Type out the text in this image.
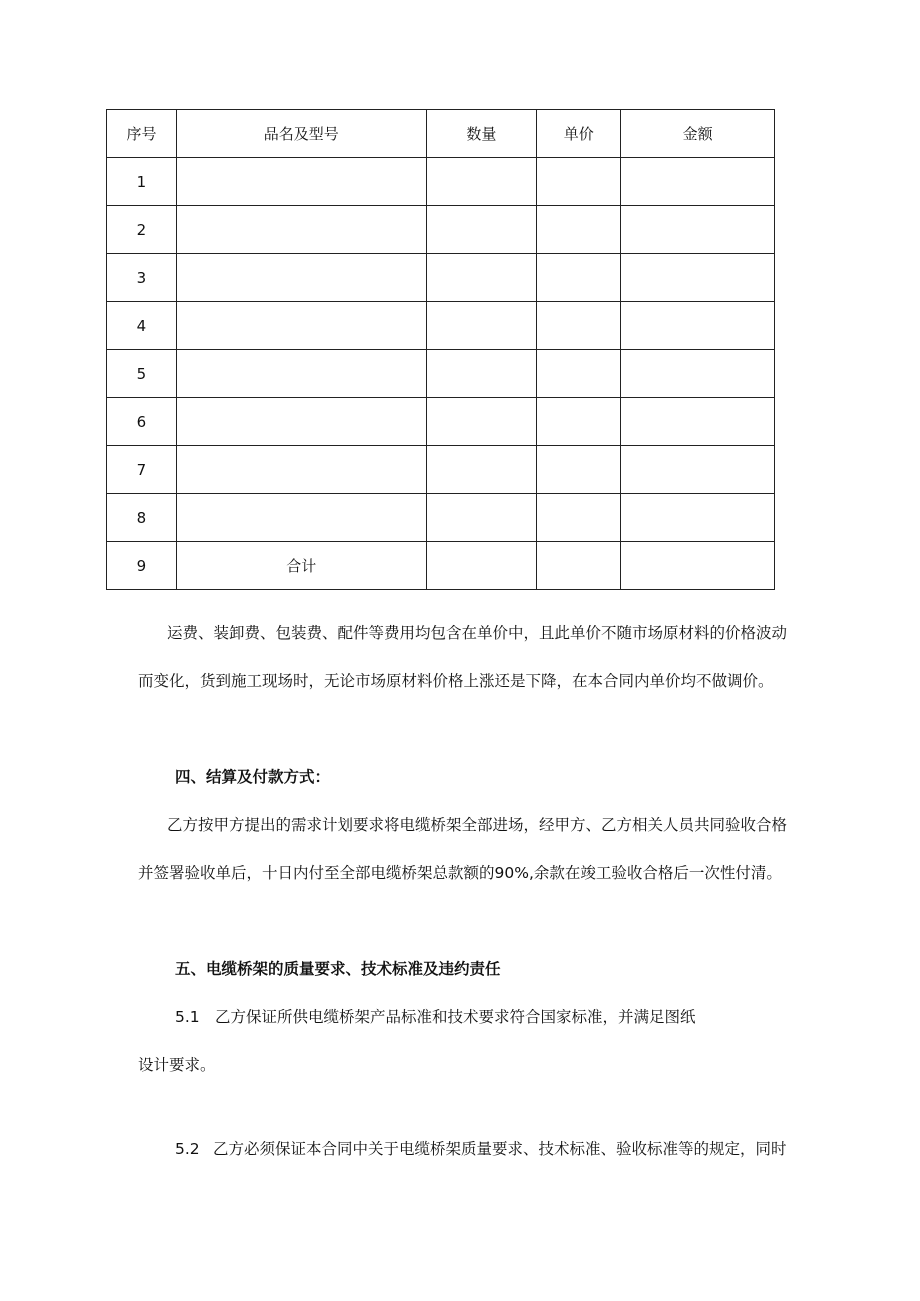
序号	品名及型号	数量	单价	金额
1				
2				
3				
4				
5				
6				
7				
8				
9	合计			
运费、装卸费、包装费、配件等费用均包含在单价中，且此单价不随市场原材料的价格波动
而变化，货到施工现场时，无论市场原材料价格上涨还是下降，在本合同内单价均不做调价。
四、结算及付款方式：
乙方按甲方提出的需求计划要求将电缆桥架全部进场，经甲方、乙方相关人员共同验收合格
并签署验收单后，十日内付至全部电缆桥架总款额的90%,余款在竣工验收合格后一次性付清。
五、电缆桥架的质量要求、技术标准及违约责任
5.1 乙方保证所供电缆桥架产品标准和技术要求符合国家标准，并满足图纸
设计要求。
5.2 乙方必须保证本合同中关于电缆桥架质量要求、技术标准、验收标准等的规定，同时
